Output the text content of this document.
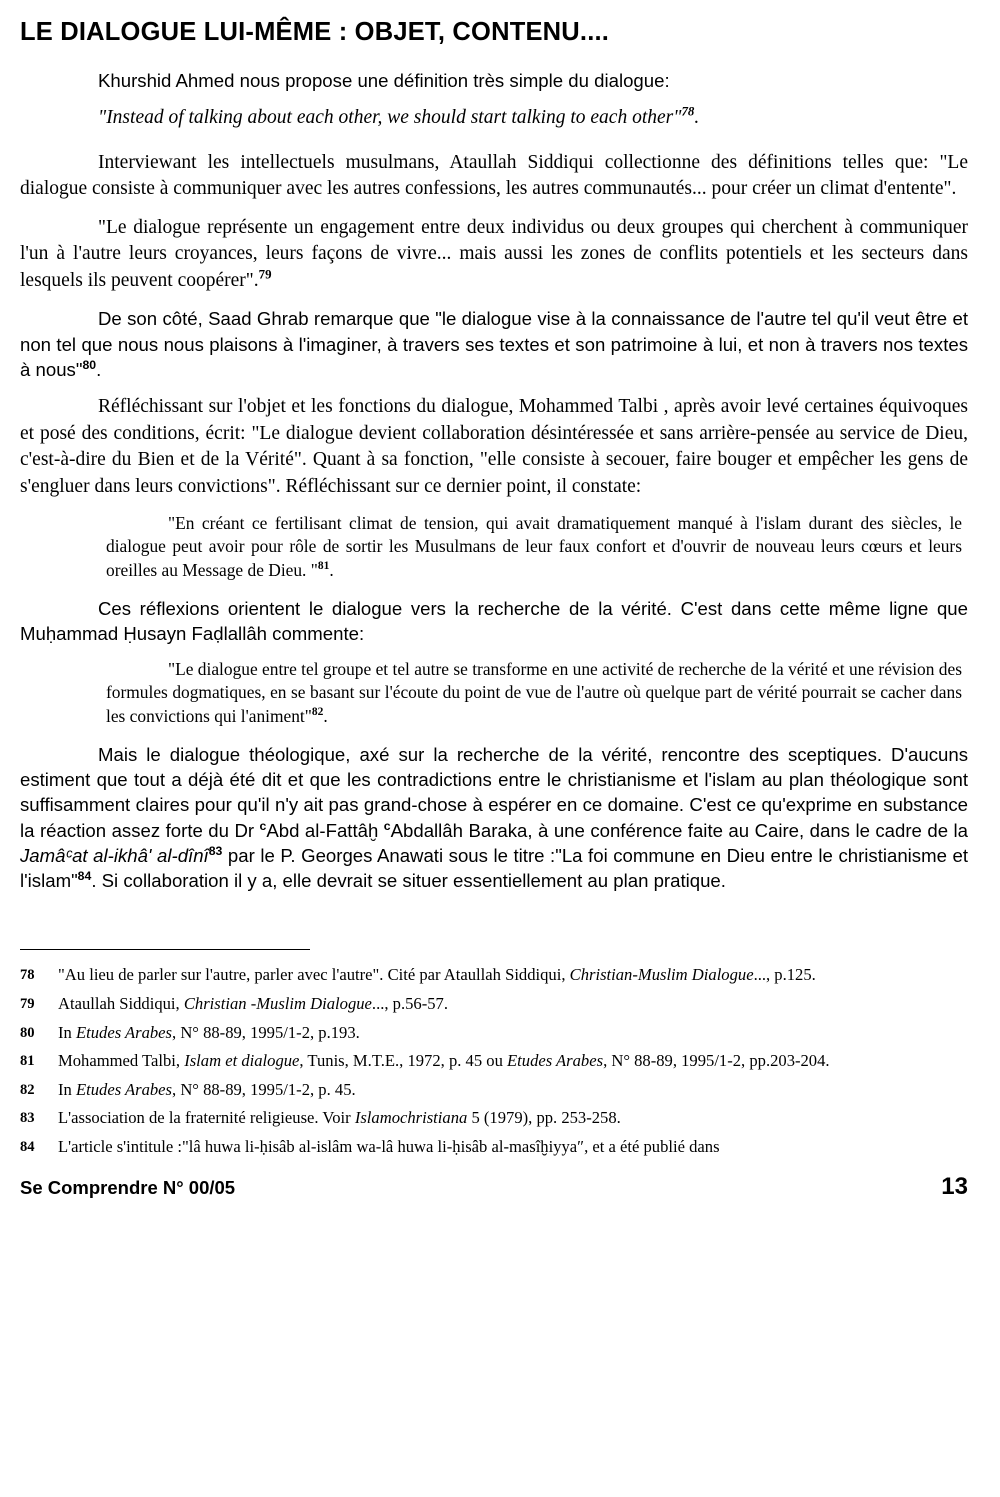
LE DIALOGUE LUI-MÊME : OBJET, CONTENU....

Khurshid Ahmed nous propose une définition très simple du dialogue:

"Instead of talking about each other, we should start talking to each other"$^{78}$.

Interviewant les intellectuels musulmans, Ataullah Siddiqui collectionne des définitions telles que: "Le dialogue consiste à communiquer avec les autres confessions, les autres communautés... pour créer un climat d'entente".

"Le dialogue représente un engagement entre deux individus ou deux groupes qui cherchent à communiquer l'un à l'autre leurs croyances, leurs façons de vivre... mais aussi les zones de conflits potentiels et les secteurs dans lesquels ils peuvent coopérer".$^{79}$

De son côté, Saad Ghrab remarque que "le dialogue vise à la connaissance de l'autre tel qu'il veut être et non tel que nous nous plaisons à l'imaginer, à travers ses textes et son patrimoine à lui, et non à travers nos textes à nous"$^{80}$.

Réfléchissant sur l'objet et les fonctions du dialogue, Mohammed Talbi , après avoir levé certaines équivoques et posé des conditions, écrit: "Le dialogue devient collaboration désintéressée et sans arrière-pensée au service de Dieu, c'est-à-dire du Bien et de la Vérité". Quant à sa fonction, "elle consiste à secouer, faire bouger et empêcher les gens de s'engluer dans leurs convictions". Réfléchissant sur ce dernier point, il constate:

"En créant ce fertilisant climat de tension, qui avait dramatiquement manqué à l'islam durant des siècles, le dialogue peut avoir pour rôle de sortir les Musulmans de leur faux confort et d'ouvrir de nouveau leurs cœurs et leurs oreilles au Message de Dieu. "$^{81}$.

Ces réflexions orientent le dialogue vers la recherche de la vérité. C'est dans cette même ligne que Muḥammad Ḥusayn Faḍlallâh commente:

"Le dialogue entre tel groupe et tel autre se transforme en une activité de recherche de la vérité et une révision des formules dogmatiques, en se basant sur l'écoute du point de vue de l'autre où quelque part de vérité pourrait se cacher dans les convictions qui l'animent"$^{82}$.

Mais le dialogue théologique, axé sur la recherche de la vérité, rencontre des sceptiques. D'aucuns estiment que tout a déjà été dit et que les contradictions entre le christianisme et l'islam au plan théologique sont suffisamment claires pour qu'il n'y ait pas grand-chose à espérer en ce domaine. C'est ce qu'exprime en substance la réaction assez forte du Dr $^c$Abd al-Fattâḫ $^c$Abdallâh Baraka, à une conférence faite au Caire, dans le cadre de la Jamâᶜat al-ikhâ' al-dînî$^{83}$ par le P. Georges Anawati sous le titre :"La foi commune en Dieu entre le christianisme et l'islam"$^{84}$. Si collaboration il y a, elle devrait se situer essentiellement au plan pratique.

78	"Au lieu de parler sur l'autre, parler avec l'autre". Cité par Ataullah Siddiqui, Christian-Muslim Dialogue..., p.125.
79	Ataullah Siddiqui, Christian -Muslim Dialogue..., p.56-57.
80	In Etudes Arabes, N° 88-89, 1995/1-2, p.193.
81	Mohammed Talbi, Islam et dialogue, Tunis, M.T.E., 1972, p. 45 ou Etudes Arabes, N° 88-89, 1995/1-2, pp.203-204.
82	In Etudes Arabes, N° 88-89, 1995/1-2, p. 45.
83	L'association de la fraternité religieuse. Voir Islamochristiana 5 (1979), pp. 253-258.
84	L'article s'intitule :"lâ huwa li-ḥisâb al-islâm wa-lâ huwa li-ḥisâb al-masîḫiyya″, et a été publié dans
Se Comprendre N° 00/05	13
